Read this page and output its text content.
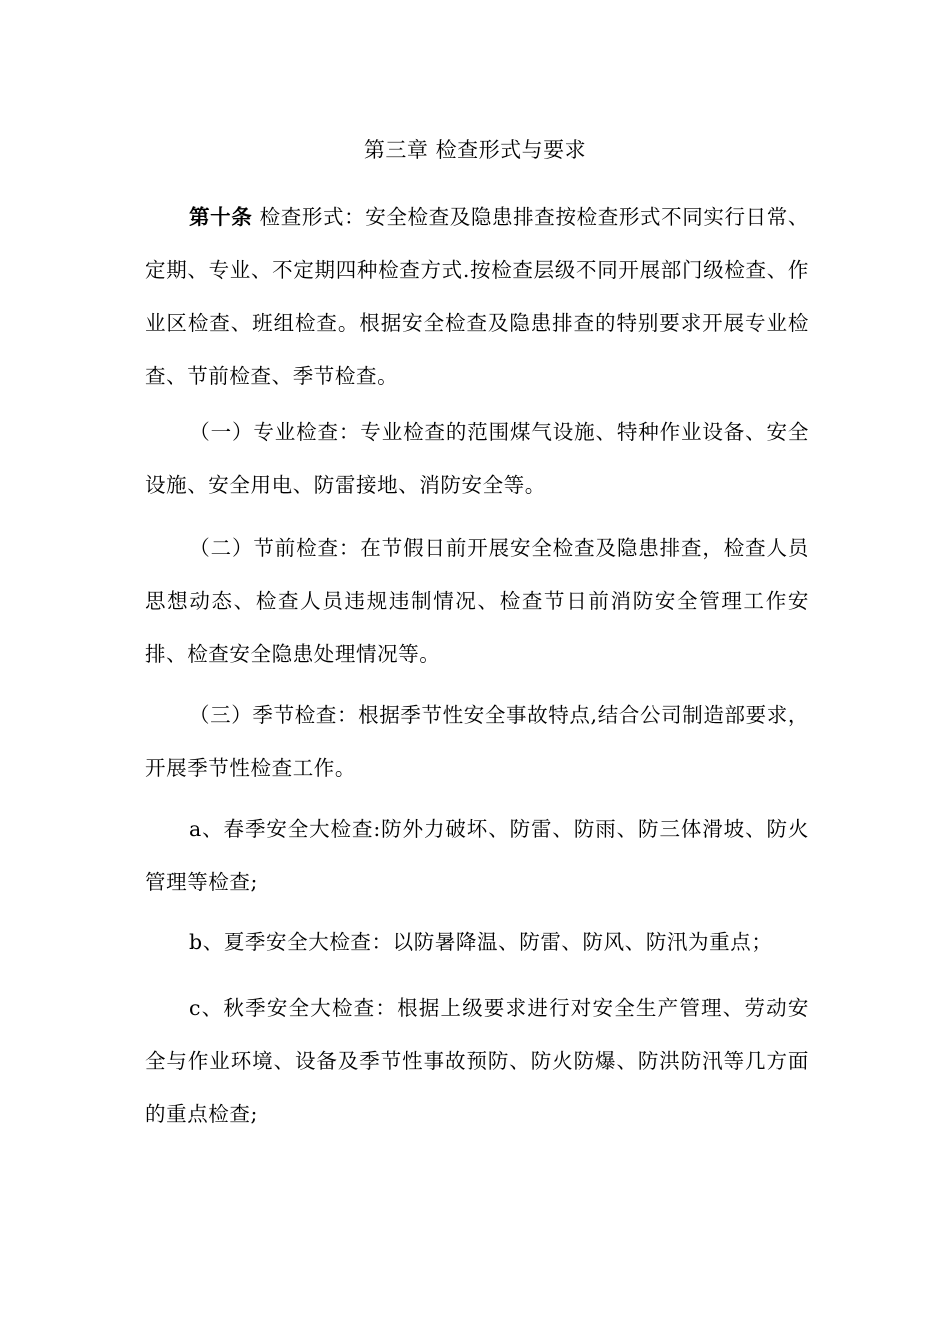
第三章 检查形式与要求
第十条 检查形式：安全检查及隐患排查按检查形式不同实行日常、定期、专业、不定期四种检查方式.按检查层级不同开展部门级检查、作业区检查、班组检查。根据安全检查及隐患排查的特别要求开展专业检查、节前检查、季节检查。
（一）专业检查：专业检查的范围煤气设施、特种作业设备、安全设施、安全用电、防雷接地、消防安全等。
（二）节前检查：在节假日前开展安全检查及隐患排查，检查人员思想动态、检查人员违规违制情况、检查节日前消防安全管理工作安排、检查安全隐患处理情况等。
（三）季节检查：根据季节性安全事故特点,结合公司制造部要求，开展季节性检查工作。
a、春季安全大检查:防外力破坏、防雷、防雨、防三体滑坡、防火管理等检查;
b、夏季安全大检查：以防暑降温、防雷、防风、防汛为重点；
c、秋季安全大检查：根据上级要求进行对安全生产管理、劳动安全与作业环境、设备及季节性事故预防、防火防爆、防洪防汛等几方面的重点检查;
